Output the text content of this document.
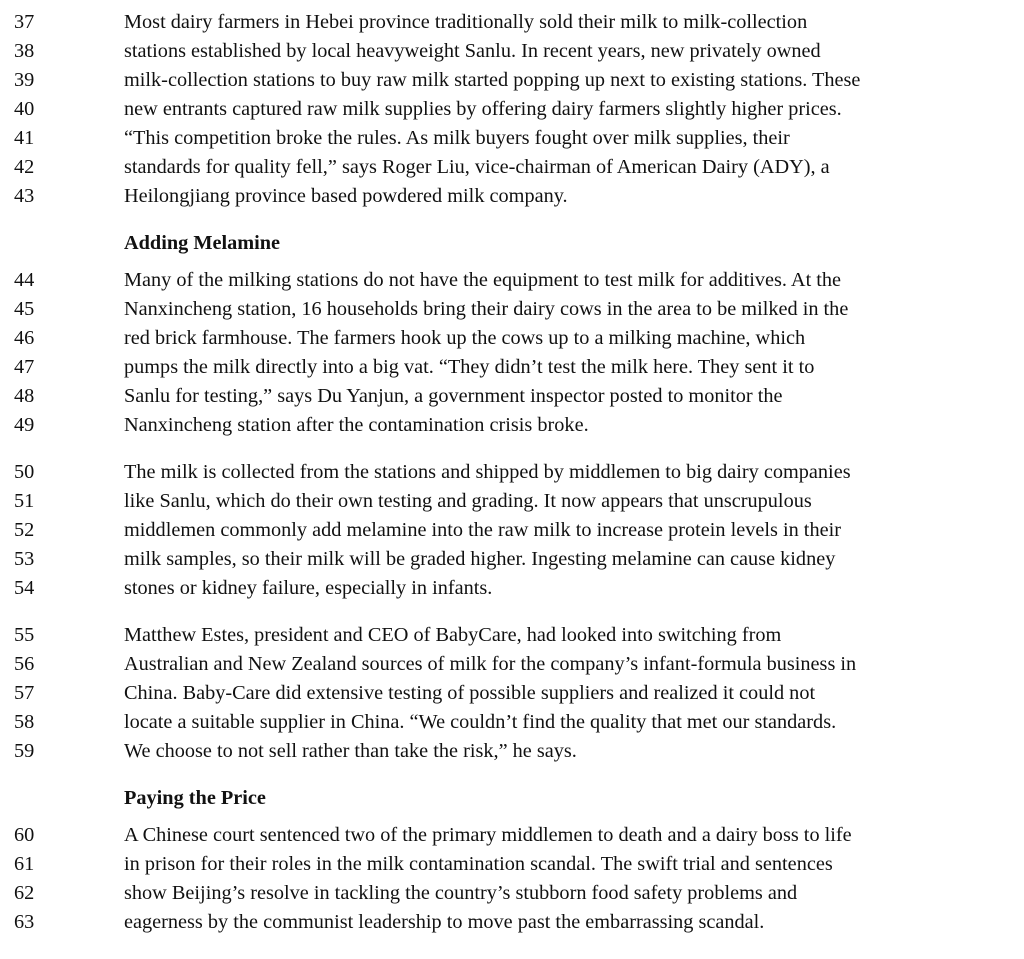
37	Most dairy farmers in Hebei province traditionally sold their milk to milk-collection
38	stations established by local heavyweight Sanlu. In recent years, new privately owned
39	milk-collection stations to buy raw milk started popping up next to existing stations. These
40	new entrants captured raw milk supplies by offering dairy farmers slightly higher prices.
41	“This competition broke the rules. As milk buyers fought over milk supplies, their
42	standards for quality fell,” says Roger Liu, vice-chairman of American Dairy (ADY), a
43	Heilongjiang province based powdered milk company.
Adding Melamine
44	Many of the milking stations do not have the equipment to test milk for additives. At the
45	Nanxincheng station, 16 households bring their dairy cows in the area to be milked in the
46	red brick farmhouse. The farmers hook up the cows up to a milking machine, which
47	pumps the milk directly into a big vat. “They didn’t test the milk here. They sent it to
48	Sanlu for testing,” says Du Yanjun, a government inspector posted to monitor the
49	Nanxincheng station after the contamination crisis broke.
50	The milk is collected from the stations and shipped by middlemen to big dairy companies
51	like Sanlu, which do their own testing and grading. It now appears that unscrupulous
52	middlemen commonly add melamine into the raw milk to increase protein levels in their
53	milk samples, so their milk will be graded higher. Ingesting melamine can cause kidney
54	stones or kidney failure, especially in infants.
55	Matthew Estes, president and CEO of BabyCare, had looked into switching from
56	Australian and New Zealand sources of milk for the company’s infant-formula business in
57	China. Baby-Care did extensive testing of possible suppliers and realized it could not
58	locate a suitable supplier in China. “We couldn’t find the quality that met our standards.
59	We choose to not sell rather than take the risk,” he says.
Paying the Price
60	A Chinese court sentenced two of the primary middlemen to death and a dairy boss to life
61	in prison for their roles in the milk contamination scandal. The swift trial and sentences
62	show Beijing’s resolve in tackling the country’s stubborn food safety problems and
63	eagerness by the communist leadership to move past the embarrassing scandal.
